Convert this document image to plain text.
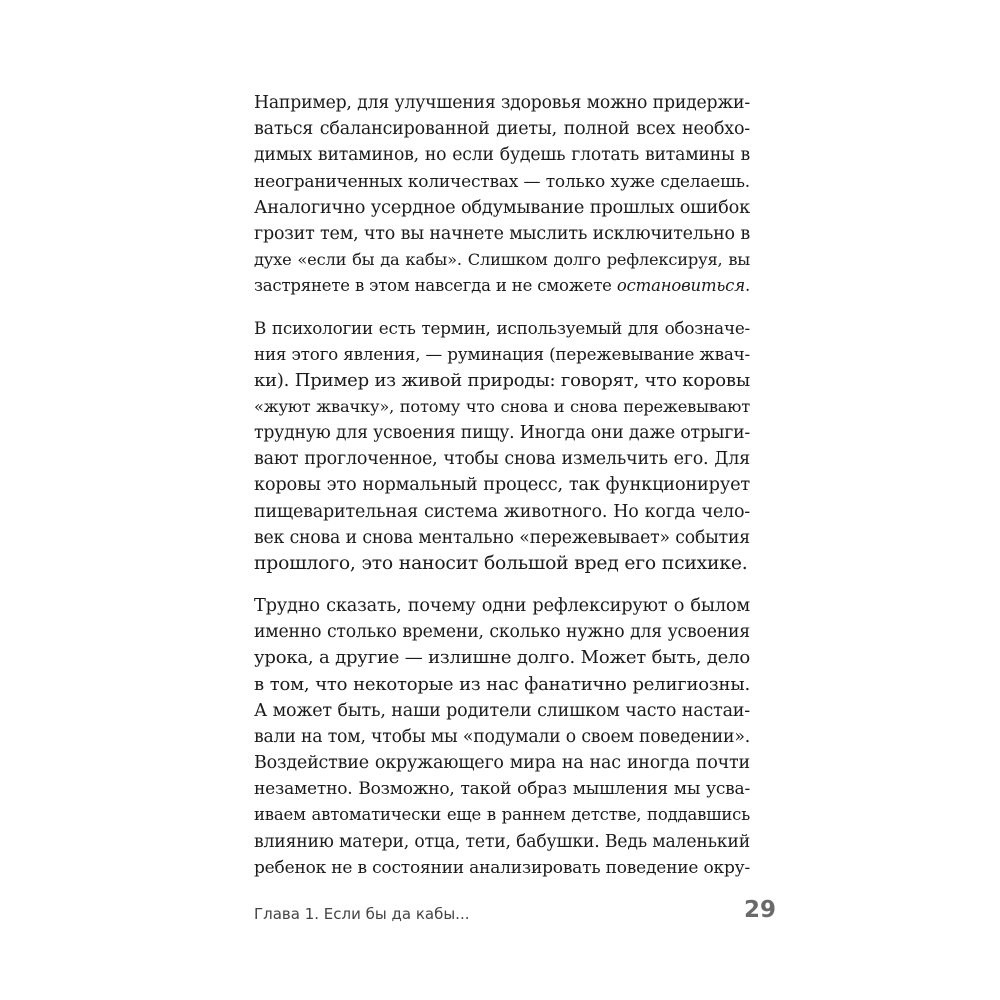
Например, для улучшения здоровья можно придержи-
ваться сбалансированной диеты, полной всех необхо-
димых витаминов, но если будешь глотать витамины в
неограниченных количествах — только хуже сделаешь.
Аналогично усердное обдумывание прошлых ошибок
грозит тем, что вы начнете мыслить исключительно в
духе «если бы да кабы». Слишком долго рефлексируя, вы
застрянете в этом навсегда и не сможете остановиться.
В психологии есть термин, используемый для обозначе-
ния этого явления, — руминация (пережевывание жвач-
ки). Пример из живой природы: говорят, что коровы
«жуют жвачку», потому что снова и снова пережевывают
трудную для усвоения пищу. Иногда они даже отрыги-
вают проглоченное, чтобы снова измельчить его. Для
коровы это нормальный процесс, так функционирует
пищеварительная система животного. Но когда чело-
век снова и снова ментально «пережевывает» события
прошлого, это наносит большой вред его психике.
Трудно сказать, почему одни рефлексируют о былом
именно столько времени, сколько нужно для усвоения
урока, а другие — излишне долго. Может быть, дело
в том, что некоторые из нас фанатично религиозны.
А может быть, наши родители слишком часто настаи-
вали на том, чтобы мы «подумали о своем поведении».
Воздействие окружающего мира на нас иногда почти
незаметно. Возможно, такой образ мышления мы усва-
иваем автоматически еще в раннем детстве, поддавшись
влиянию матери, отца, тети, бабушки. Ведь маленький
ребенок не в состоянии анализировать поведение окру-
Глава 1. Если бы да кабы...	29
